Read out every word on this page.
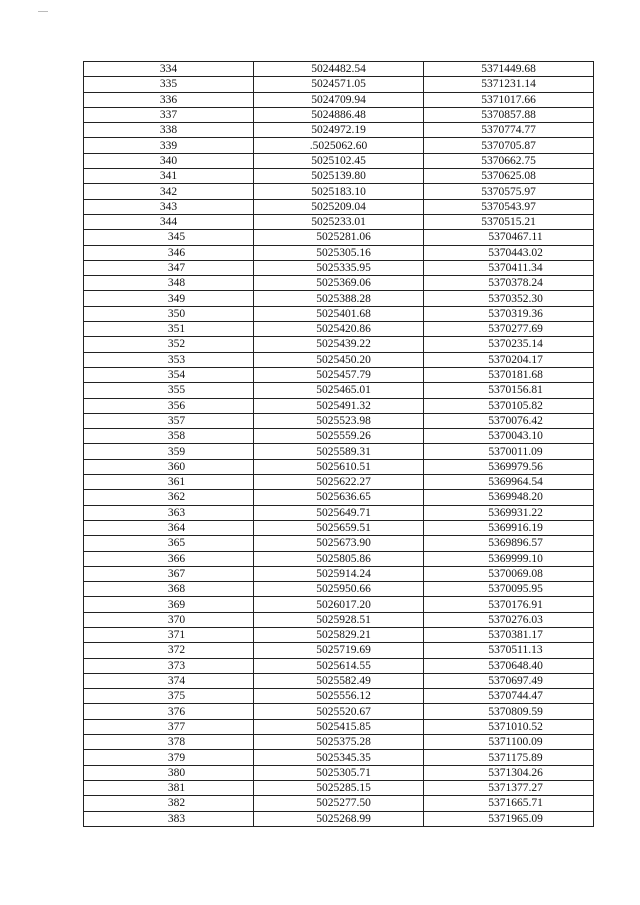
334	5024482.54	5371449.68
335	5024571.05	5371231.14
336	5024709.94	5371017.66
337	5024886.48	5370857.88
338	5024972.19	5370774.77
339	.5025062.60	5370705.87
340	5025102.45	5370662.75
341	5025139.80	5370625.08
342	5025183.10	5370575.97
343	5025209.04	5370543.97
344	5025233.01	5370515.21
345	5025281.06	5370467.11
346	5025305.16	5370443.02
347	5025335.95	5370411.34
348	5025369.06	5370378.24
349	5025388.28	5370352.30
350	5025401.68	5370319.36
351	5025420.86	5370277.69
352	5025439.22	5370235.14
353	5025450.20	5370204.17
354	5025457.79	5370181.68
355	5025465.01	5370156.81
356	5025491.32	5370105.82
357	5025523.98	5370076.42
358	5025559.26	5370043.10
359	5025589.31	5370011.09
360	5025610.51	5369979.56
361	5025622.27	5369964.54
362	5025636.65	5369948.20
363	5025649.71	5369931.22
364	5025659.51	5369916.19
365	5025673.90	5369896.57
366	5025805.86	5369999.10
367	5025914.24	5370069.08
368	5025950.66	5370095.95
369	5026017.20	5370176.91
370	5025928.51	5370276.03
371	5025829.21	5370381.17
372	5025719.69	5370511.13
373	5025614.55	5370648.40
374	5025582.49	5370697.49
375	5025556.12	5370744.47
376	5025520.67	5370809.59
377	5025415.85	5371010.52
378	5025375.28	5371100.09
379	5025345.35	5371175.89
380	5025305.71	5371304.26
381	5025285.15	5371377.27
382	5025277.50	5371665.71
383	5025268.99	5371965.09
